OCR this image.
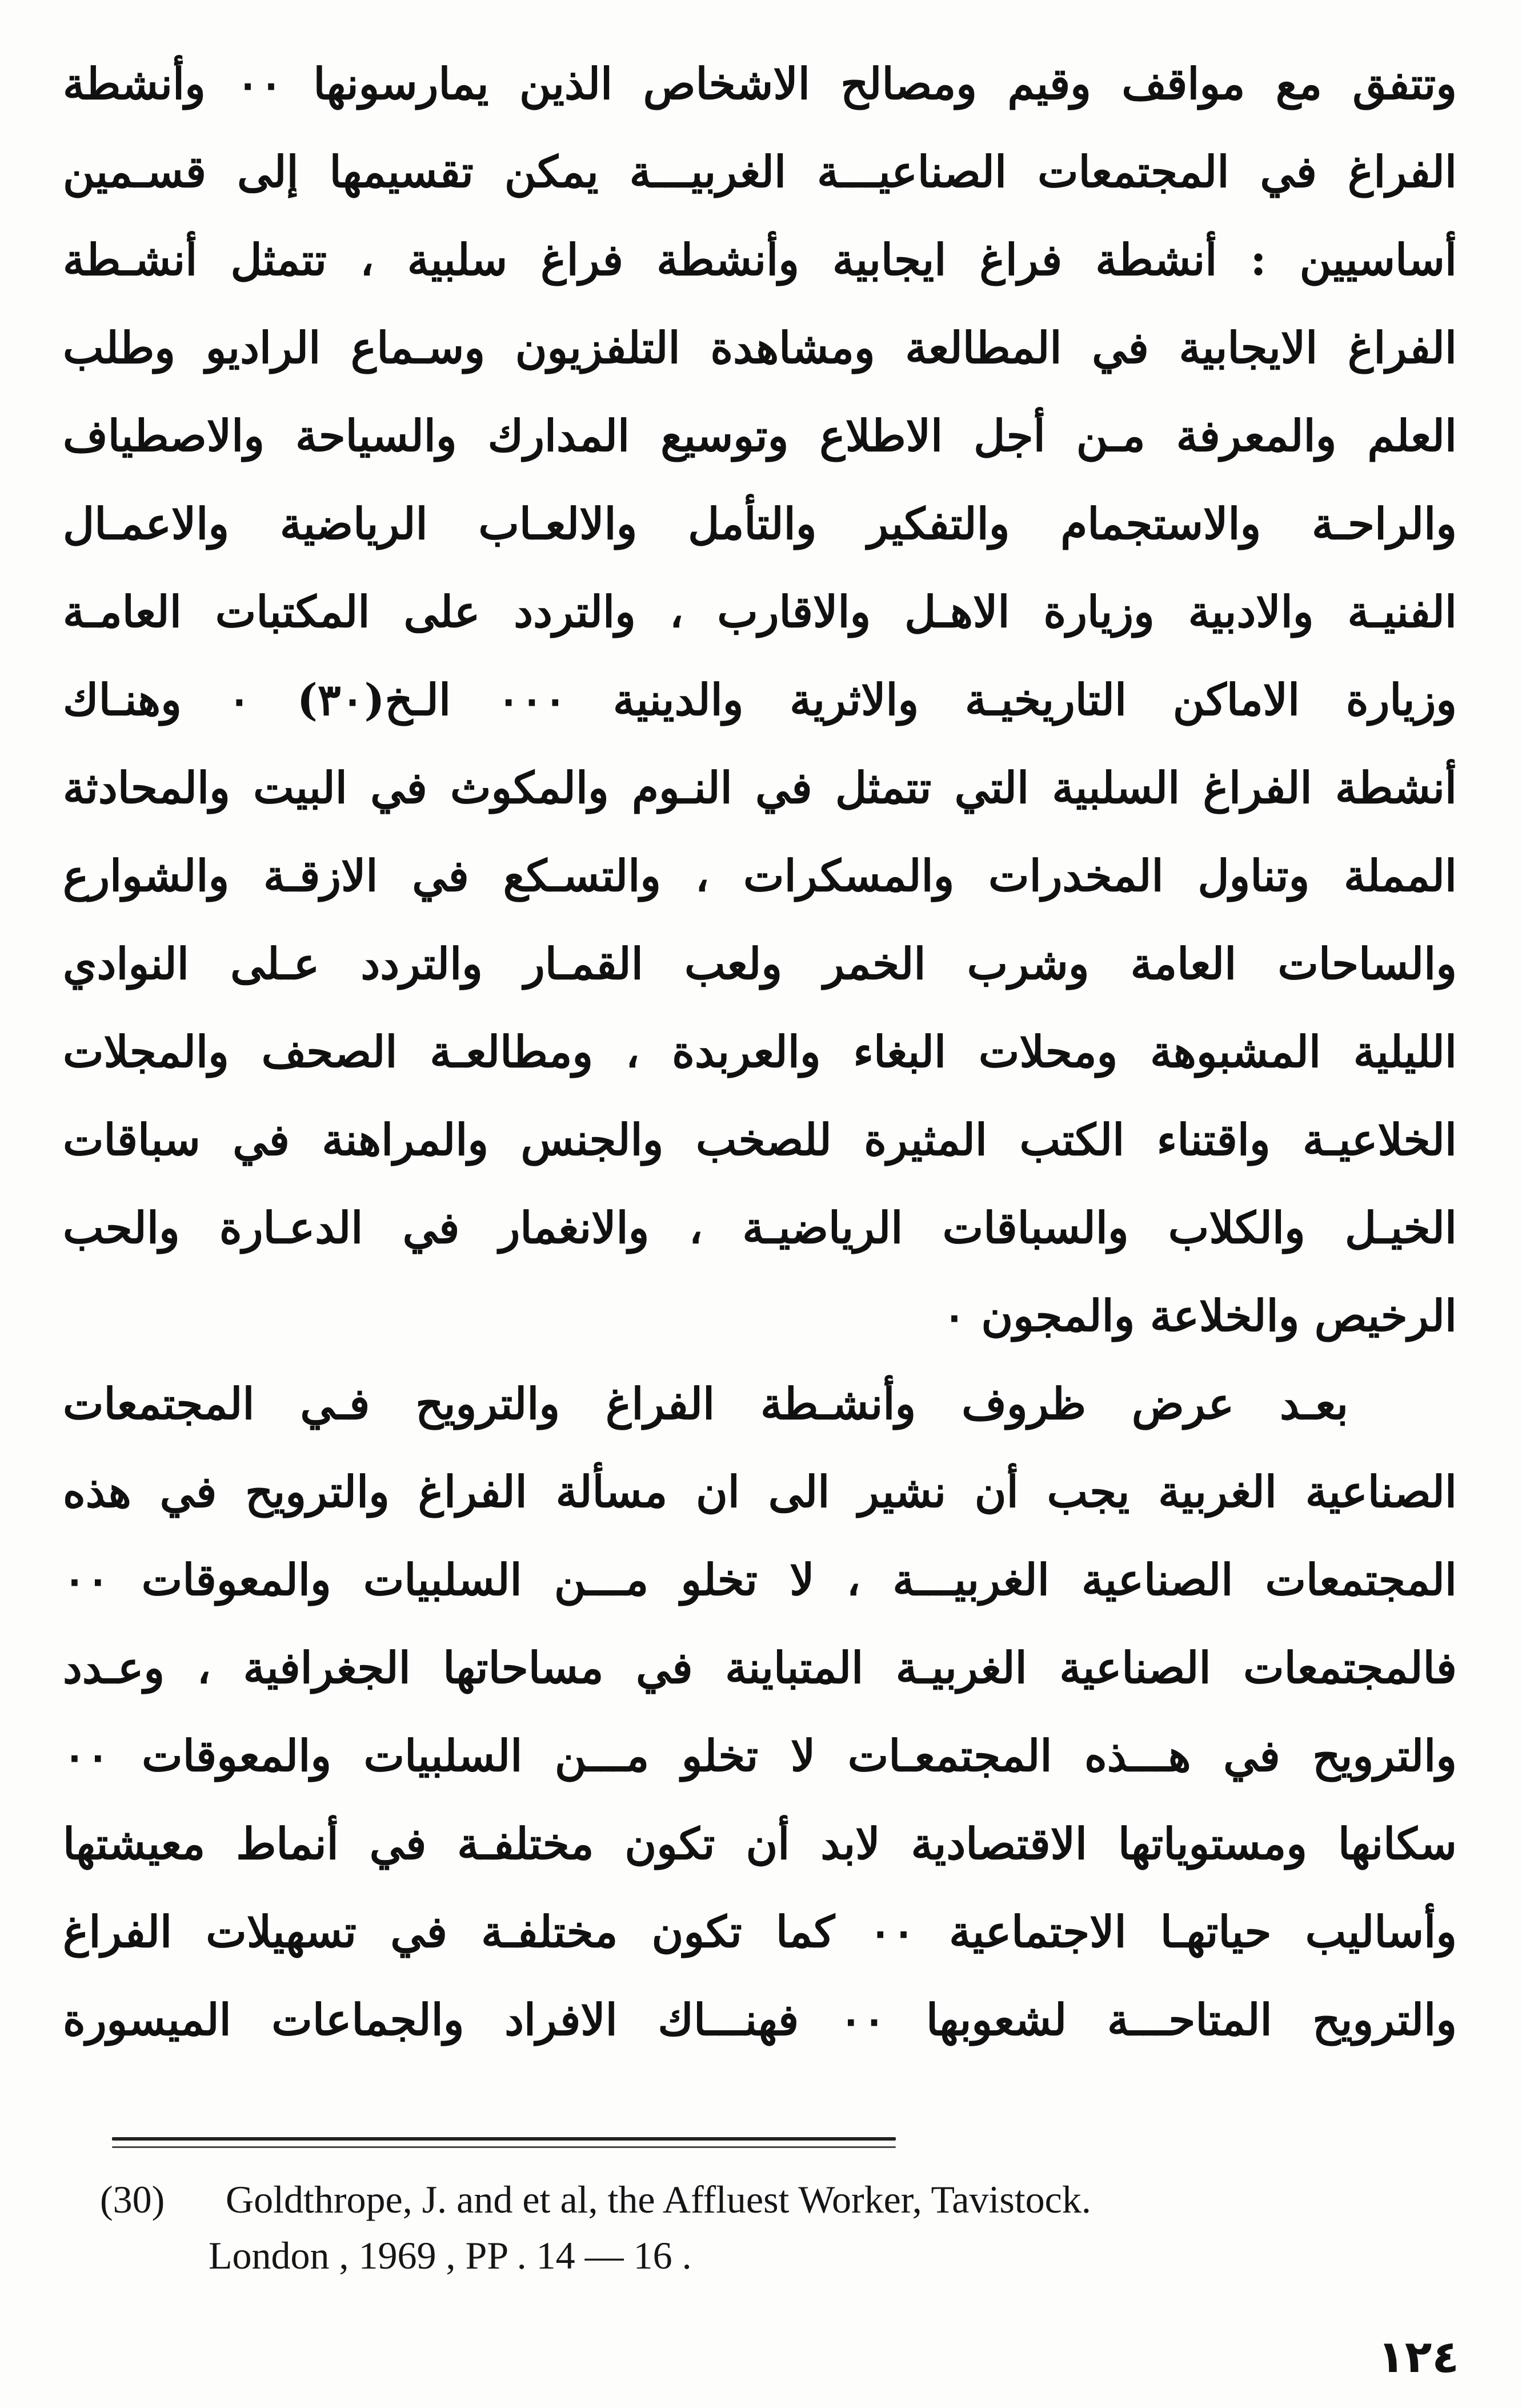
وتتفق مع مواقف وقيم ومصالح الاشخاص الذين يمارسونها ٠٠ وأنشطة
الفراغ في المجتمعات الصناعيـــة الغربيـــة يمكن تقسيمها إلى قسـمين
أساسيين : أنشطة فراغ ايجابية وأنشطة فراغ سلبية ، تتمثل أنشـطة
الفراغ الايجابية في المطالعة ومشاهدة التلفزيون وسـماع الراديو وطلب
العلم والمعرفة مـن أجل الاطلاع وتوسيع المدارك والسياحة والاصطياف
والراحـة والاستجمام والتفكير والتأمل والالعـاب الرياضية والاعمـال
الفنيـة والادبية وزيارة الاهـل والاقارب ، والتردد على المكتبات العامـة
وزيارة الاماكن التاريخيـة والاثرية والدينية ٠٠٠ الـخ(٣٠) ٠ وهنـاك
أنشطة الفراغ السلبية التي تتمثل في النـوم والمكوث في البيت والمحادثة
المملة وتناول المخدرات والمسكرات ، والتسـكع في الازقـة والشوارع
والساحات العامة وشرب الخمر ولعب القمـار والتردد عـلى النوادي
الليلية المشبوهة ومحلات البغاء والعربدة ، ومطالعـة الصحف والمجلات
الخلاعيـة واقتناء الكتب المثيرة للصخب والجنس والمراهنة في سباقات
الخيـل والكلاب والسباقات الرياضيـة ، والانغمار في الدعـارة والحب
الرخيص والخلاعة والمجون ٠
بعـد عرض ظروف وأنشـطة الفراغ والترويح فـي المجتمعات
الصناعية الغربية يجب أن نشير الى ان مسألة الفراغ والترويح في هذه
المجتمعات الصناعية الغربيـــة ، لا تخلو مـــن السلبيات والمعوقات ٠٠
فالمجتمعات الصناعية الغربيـة المتباينة في مساحاتها الجغرافية ، وعـدد
والترويح في هـــذه المجتمعـات لا تخلو مـــن السلبيات والمعوقات ٠٠
سكانها ومستوياتها الاقتصادية لابد أن تكون مختلفـة في أنماط معيشتها
وأساليب حياتهـا الاجتماعية ٠٠ كما تكون مختلفـة في تسهيلات الفراغ
والترويح المتاحـــة لشعوبها ٠٠ فهنـــاك الافراد والجماعات الميسورة
(30) Goldthrope, J. and et al, the Affluest Worker, Tavistock.
London , 1969 , PP . 14 — 16 .
١٢٤
